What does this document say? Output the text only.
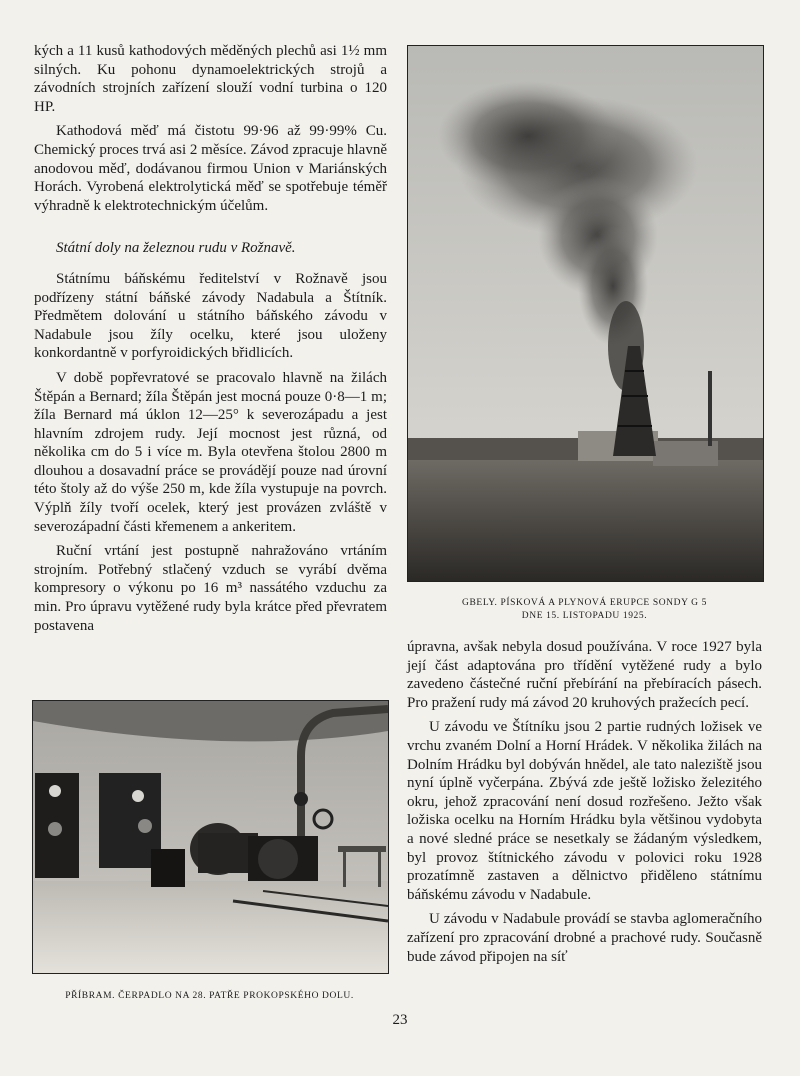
kých a 11 kusů kathodových měděných plechů asi 1½ mm silných. Ku pohonu dynamoelektrických strojů a závodních strojních zařízení slouží vodní turbina o 120 HP.

Kathodová měď má čistotu 99·96 až 99·99% Cu. Chemický proces trvá asi 2 měsíce. Závod zpracuje hlavně anodovou měď, dodávanou firmou Union v Mariánských Horách. Vyrobená elektrolytická měď se spotřebuje téměř výhradně k elektrotechnickým účelům.

Státní doly na železnou rudu v Rožnavě.

Státnímu báňskému ředitelství v Rožnavě jsou podřízeny státní báňské závody Nadabula a Štítník. Předmětem dolování u státního báňského závodu v Nadabule jsou žíly ocelku, které jsou uloženy konkordantně v porfyroidických břidlicích.

V době popřevratové se pracovalo hlavně na žilách Štěpán a Bernard; žíla Štěpán jest mocná pouze 0·8—1 m; žíla Bernard má úklon 12—25° k severozápadu a jest hlavním zdrojem rudy. Její mocnost jest různá, od několika cm do 5 i více m. Byla otevřena štolou 2800 m dlouhou a dosavadní práce se provádějí pouze nad úrovní této štoly až do výše 250 m, kde žíla vystupuje na povrch. Výplň žíly tvoří ocelek, který jest provázen zvláště v severozápadní části křemenem a ankeritem.

Ruční vrtání jest postupně nahražováno vrtáním strojním. Potřebný stlačený vzduch se vyrábí dvěma kompresory o výkonu po 16 m³ nassátého vzduchu za min. Pro úpravu vytěžené rudy byla krátce před převratem postavena

GBELY. PÍSKOVÁ A PLYNOVÁ ERUPCE SONDY G 5
DNE 15. LISTOPADU 1925.

úpravna, avšak nebyla dosud používána. V roce 1927 byla její část adaptována pro třídění vytěžené rudy a bylo zavedeno částečné ruční přebírání na přebíracích pásech. Pro pražení rudy má závod 20 kruhových pražecích pecí.

U závodu ve Štítníku jsou 2 partie rudných ložisek ve vrchu zvaném Dolní a Horní Hrádek. V několika žilách na Dolním Hrádku byl dobýván hnědel, ale tato naleziště jsou nyní úplně vyčerpána. Zbývá zde ještě ložisko železitého okru, jehož zpracování není dosud rozřešeno. Ježto však ložiska ocelku na Horním Hrádku byla většinou vydobyta a nové sledné práce se nesetkaly se žádaným výsledkem, byl provoz štítnického závodu v polovici roku 1928 prozatímně zastaven a dělnictvo přiděleno státnímu báňskému závodu v Nadabule.

U závodu v Nadabule provádí se stavba aglomeračního zařízení pro zpracování drobné a prachové rudy. Současně bude závod připojen na síť

PŘÍBRAM. ČERPADLO NA 28. PATŘE PROKOPSKÉHO DOLU.
23
